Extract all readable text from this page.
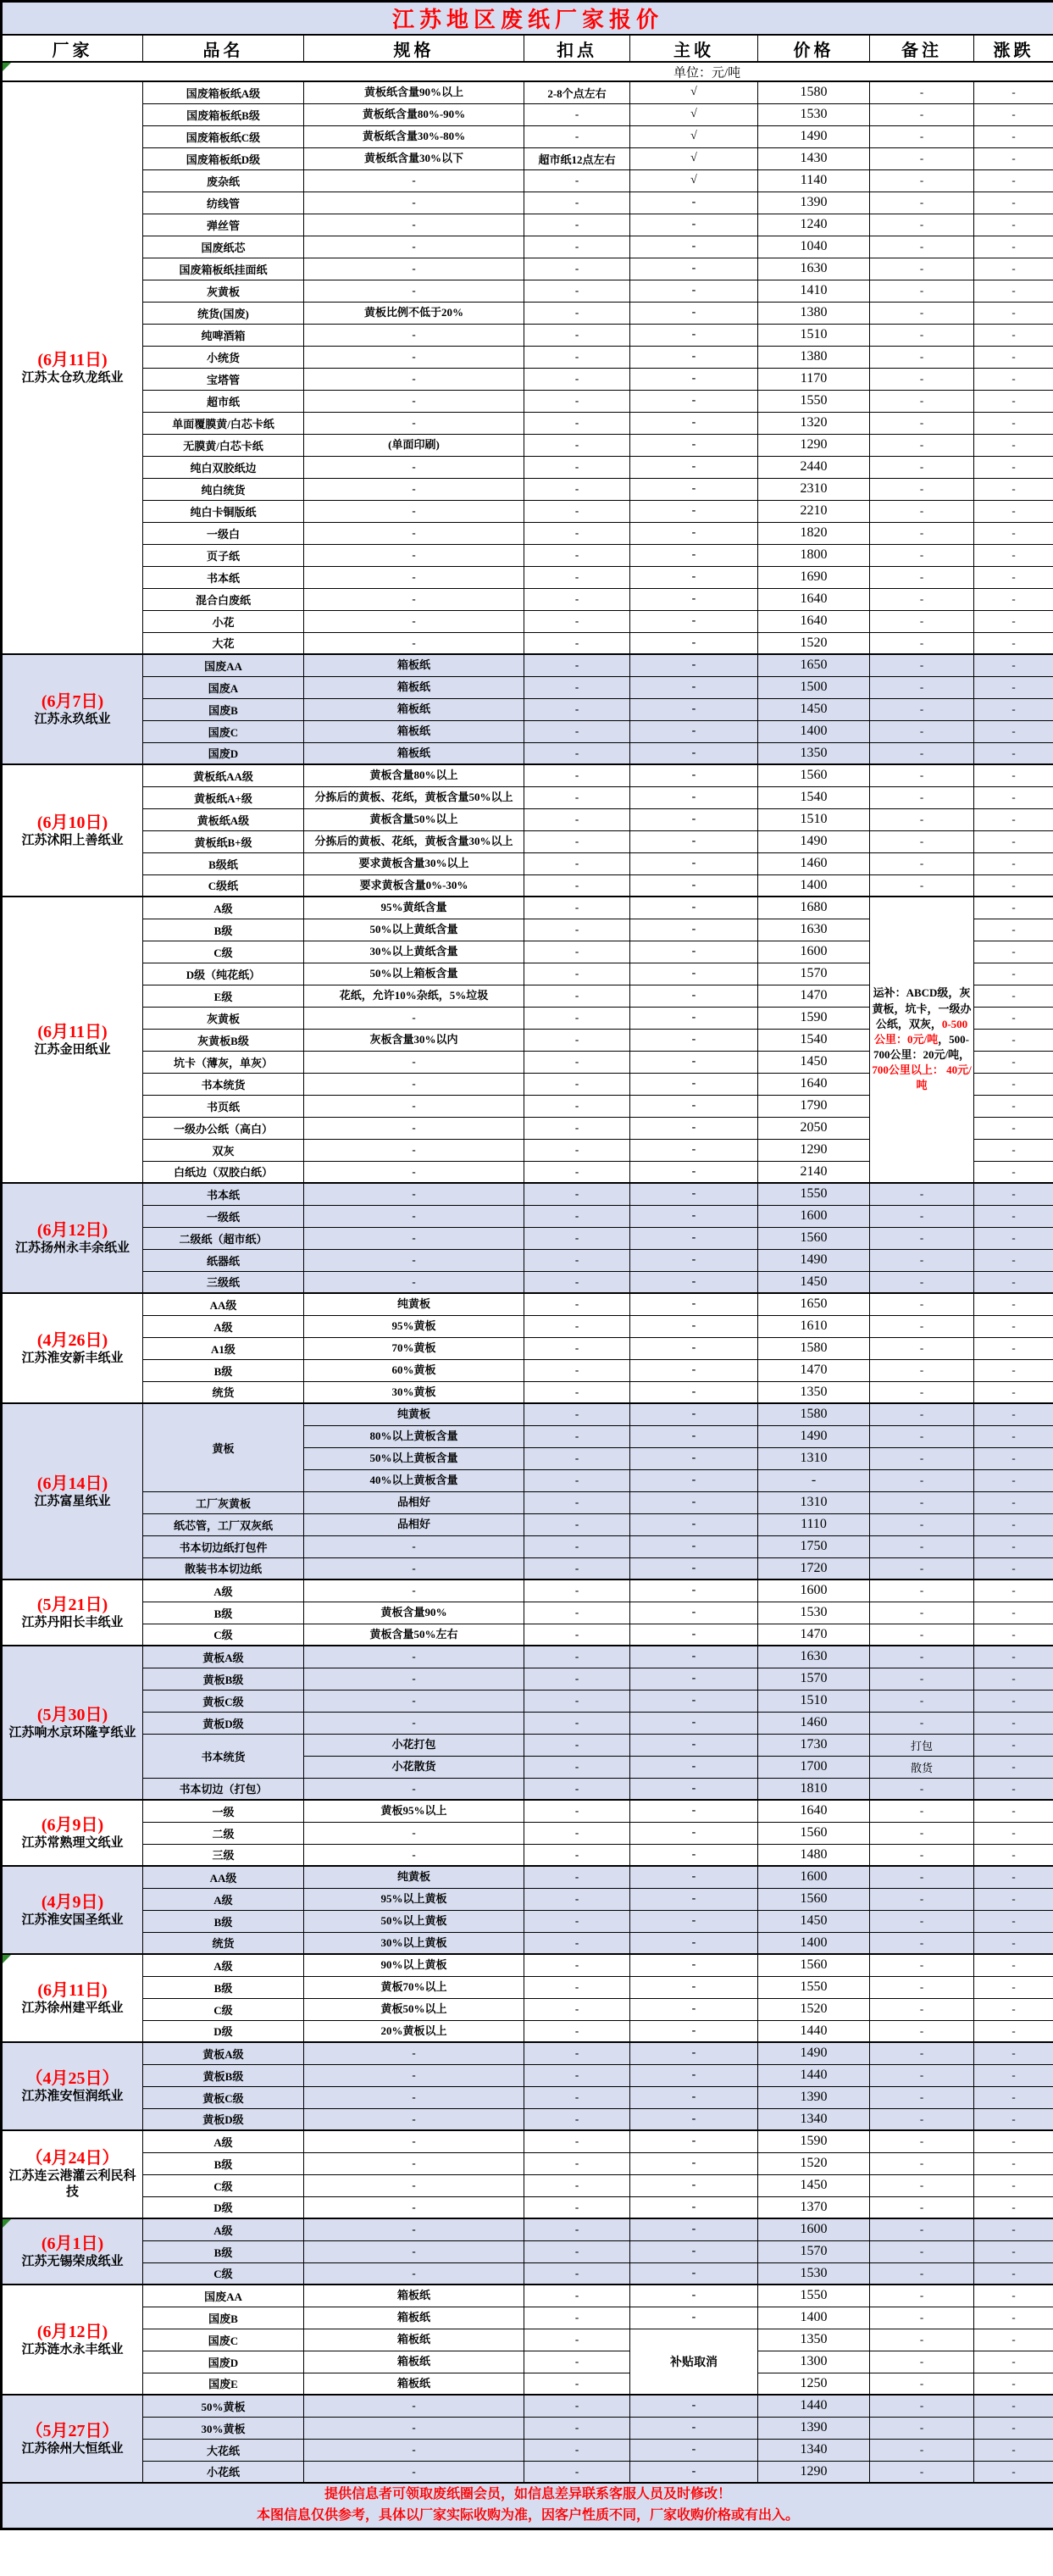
江苏地区废纸厂家报价							
厂家	品名	规格	扣点	主收	价格	备注	涨跌

单位：元/吨							

(6月11日)
江苏太仓玖龙纸业	国废箱板纸A级	黄板纸含量90%以上	2-8个点左右	√	1580	-	-
	国废箱板纸B级	黄板纸含量80%-90%	-	√	1530	-	-
	国废箱板纸C级	黄板纸含量30%-80%	-	√	1490	-	-
	国废箱板纸D级	黄板纸含量30%以下	超市纸12点左右	√	1430	-	-
	废杂纸	-	-	√	1140	-	-
	纺线管	-	-	-	1390	-	-
	弹丝管	-	-	-	1240	-	-
	国废纸芯	-	-	-	1040	-	-
	国废箱板纸挂面纸	-	-	-	1630	-	-
	灰黄板	-	-	-	1410	-	-
	统货(国废)	黄板比例不低于20%	-	-	1380	-	-
	纯啤酒箱	-	-	-	1510	-	-
	小统货	-	-	-	1380	-	-
	宝塔管	-	-	-	1170	-	-
	超市纸	-	-	-	1550	-	-
	单面覆膜黄/白芯卡纸	-	-	-	1320	-	-
	无膜黄/白芯卡纸	(单面印刷)	-	-	1290	-	-
	纯白双胶纸边	-	-	-	2440	-	-
	纯白统货	-	-	-	2310	-	-
	纯白卡铜版纸	-	-	-	2210	-	-
	一级白	-	-	-	1820	-	-
	页子纸	-	-	-	1800	-	-
	书本纸	-	-	-	1690	-	-
	混合白废纸	-	-	-	1640	-	-
	小花	-	-	-	1640	-	-
	大花	-	-	-	1520	-	-

(6月7日)
江苏永玖纸业	国废AA	箱板纸	-	-	1650	-	-
	国废A	箱板纸	-	-	1500	-	-
	国废B	箱板纸	-	-	1450	-	-
	国废C	箱板纸	-	-	1400	-	-
	国废D	箱板纸	-	-	1350	-	-

(6月10日)
江苏沭阳上善纸业	黄板纸AA级	黄板含量80%以上	-	-	1560	-	-
	黄板纸A+级	分拣后的黄板、花纸，黄板含量50%以上	-	-	1540	-	-
	黄板纸A级	黄板含量50%以上	-	-	1510	-	-
	黄板纸B+级	分拣后的黄板、花纸，黄板含量30%以上	-	-	1490	-	-
	B级纸	要求黄板含量30%以上	-	-	1460	-	-
	C级纸	要求黄板含量0%-30%	-	-	1400	-	-

(6月11日)
江苏金田纸业	A级	95%黄纸含量	-	-	1680	运补：ABCD级，灰黄板，坑卡，一级办公纸，双灰，0-500公里：0元/吨，500-700公里：20元/吨，700公里以上： 40元/吨	-
	B级	50%以上黄纸含量	-	-	1630		-
	C级	30%以上黄纸含量	-	-	1600		-
	D级（纯花纸）	50%以上箱板含量	-	-	1570		-
	E级	花纸，允许10%杂纸，5%垃圾	-	-	1470		-
	灰黄板	-	-	-	1590		-
	灰黄板B级	灰板含量30%以内	-	-	1540		-
	坑卡（薄灰，单灰）	-	-	-	1450		-
	书本统货	-	-	-	1640		-
	书页纸	-	-	-	1790		-
	一级办公纸（高白）	-	-	-	2050		-
	双灰	-	-	-	1290		-
	白纸边（双胶白纸）	-	-	-	2140		-

(6月12日)
江苏扬州永丰余纸业	书本纸	-	-	-	1550	-	-
	一级纸	-	-	-	1600	-	-
	二级纸（超市纸）	-	-	-	1560	-	-
	纸器纸	-	-	-	1490	-	-
	三级纸	-	-	-	1450	-	-

(4月26日)
江苏淮安新丰纸业	AA级	纯黄板	-	-	1650	-	-
	A级	95%黄板	-	-	1610	-	-
	A1级	70%黄板	-	-	1580	-	-
	B级	60%黄板	-	-	1470	-	-
	统货	30%黄板	-	-	1350	-	-

(6月14日)
江苏富星纸业	黄板	纯黄板	-	-	1580	-	-
		80%以上黄板含量	-	-	1490	-	-
		50%以上黄板含量	-	-	1310	-	-
		40%以上黄板含量	-	-	-	-	-
	工厂灰黄板	品相好	-	-	1310	-	-
	纸芯管，工厂双灰纸	品相好	-	-	1110	-	-
	书本切边纸打包件	-	-	-	1750	-	-
	散装书本切边纸	-	-	-	1720	-	-

(5月21日)
江苏丹阳长丰纸业	A级	-	-	-	1600	-	-
	B级	黄板含量90%	-	-	1530	-	-
	C级	黄板含量50%左右	-	-	1470	-	-

(5月30日)
江苏响水京环隆亨纸业	黄板A级	-	-	-	1630	-	-
	黄板B级	-	-	-	1570	-	-
	黄板C级	-	-	-	1510	-	-
	黄板D级	-	-	-	1460	-	-
	书本统货	小花打包	-	-	1730	打包	-
		小花散货	-	-	1700	散货	-
	书本切边（打包）	-	-	-	1810	-	-

(6月9日)
江苏常熟理文纸业	一级	黄板95%以上	-	-	1640	-	-
	二级	-	-	-	1560	-	-
	三级	-	-	-	1480	-	-

(4月9日)
江苏淮安国圣纸业	AA级	纯黄板	-	-	1600	-	-
	A级	95%以上黄板	-	-	1560	-	-
	B级	50%以上黄板	-	-	1450	-	-
	统货	30%以上黄板	-	-	1400	-	-

(6月11日)
江苏徐州建平纸业	A级	90%以上黄板	-	-	1560	-	-
	B级	黄板70%以上	-	-	1550	-	-
	C级	黄板50%以上	-	-	1520	-	-
	D级	20%黄板以上	-	-	1440	-	-

（4月25日）
江苏淮安恒润纸业	黄板A级	-	-	-	1490	-	-
	黄板B级	-	-	-	1440	-	-
	黄板C级	-	-	-	1390	-	-
	黄板D级	-	-	-	1340	-	-

（4月24日）
江苏连云港灌云利民科技	A级	-	-	-	1590	-	-
	B级	-	-	-	1520	-	-
	C级	-	-	-	1450	-	-
	D级	-	-	-	1370	-	-

(6月1日)
江苏无锡荣成纸业	A级	-	-	-	1600	-	-
	B级	-	-	-	1570	-	-
	C级	-	-	-	1530	-	-

(6月12日)
江苏涟水永丰纸业	国废AA	箱板纸	-	-	1550	-	-
	国废B	箱板纸	-	-	1400	-	-
	国废C	箱板纸	-	补贴取消	1350	-	-
	国废D	箱板纸	-		1300	-	-
	国废E	箱板纸	-		1250	-	-

（5月27日）
江苏徐州大恒纸业	50%黄板	-	-	-	1440	-	-
	30%黄板	-	-	-	1390	-	-
	大花纸	-	-	-	1340	-	-
	小花纸	-	-	-	1290	-	-

提供信息者可领取废纸圈会员，如信息差异联系客服人员及时修改！
本图信息仅供参考，具体以厂家实际收购为准，因客户性质不同，厂家收购价格或有出入。							
